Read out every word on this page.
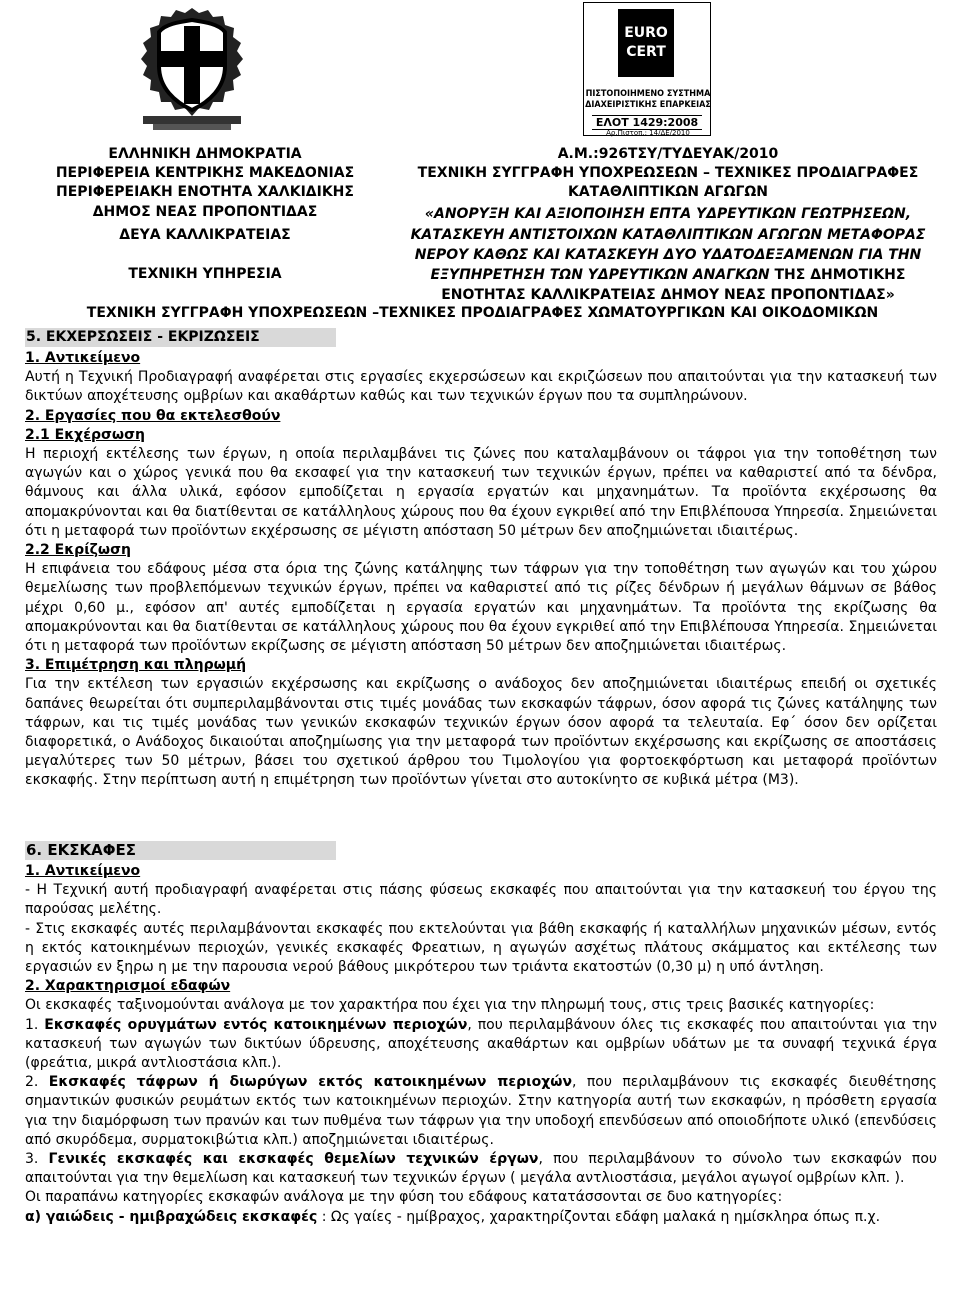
EURO
CERT
ΠΙΣΤΟΠΟΙΗΜΕΝΟ ΣΥΣΤΗΜΑ
ΔΙΑΧΕΙΡΙΣΤΙΚΗΣ ΕΠΑΡΚΕΙΑΣ
ΕΛΟΤ 1429:2008
Αρ.Πιστοπ.: 14/ΔΕ/2010
ΕΛΛΗΝΙΚΗ ΔΗΜΟΚΡΑΤΙΑ
ΠΕΡΙΦΕΡΕΙΑ ΚΕΝΤΡΙΚΗΣ ΜΑΚΕΔΟΝΙΑΣ
ΠΕΡΙΦΕΡΕΙΑΚΗ ΕΝΟΤΗΤΑ ΧΑΛΚΙΔΙΚΗΣ
ΔΗΜΟΣ ΝΕΑΣ ΠΡΟΠΟΝΤΙΔΑΣ
ΔΕΥΑ ΚΑΛΛΙΚΡΑΤΕΙΑΣ
ΤΕΧΝΙΚΗ ΥΠΗΡΕΣΙΑ
Α.Μ.:926ΤΣΥ/ΤΥΔΕΥΑΚ/2010
ΤΕΧΝΙΚΗ ΣΥΓΓΡΑΦΗ ΥΠΟΧΡΕΩΣΕΩΝ – ΤΕΧΝΙΚΕΣ ΠΡΟΔΙΑΓΡΑΦΕΣ
ΚΑΤΑΘΛΙΠΤΙΚΩΝ ΑΓΩΓΩΝ
«ΑΝΟΡΥΞΗ ΚΑΙ ΑΞΙΟΠΟΙΗΣΗ ΕΠΤΑ ΥΔΡΕΥΤΙΚΩΝ ΓΕΩΤΡΗΣΕΩΝ,
ΚΑΤΑΣΚΕΥΗ ΑΝΤΙΣΤΟΙΧΩΝ ΚΑΤΑΘΛΙΠΤΙΚΩΝ ΑΓΩΓΩΝ ΜΕΤΑΦΟΡΑΣ
ΝΕΡΟΥ ΚΑΘΩΣ ΚΑΙ ΚΑΤΑΣΚΕΥΗ ΔΥΟ ΥΔΑΤΟΔΕΞΑΜΕΝΩΝ ΓΙΑ ΤΗΝ
ΕΞΥΠΗΡΕΤΗΣΗ ΤΩΝ ΥΔΡΕΥΤΙΚΩΝ ΑΝΑΓΚΩΝ ΤΗΣ ΔΗΜΟΤΙΚΗΣ
ΕΝΟΤΗΤΑΣ ΚΑΛΛΙΚΡΑΤΕΙΑΣ ΔΗΜΟΥ ΝΕΑΣ ΠΡΟΠΟΝΤΙΔΑΣ»
ΤΕΧΝΙΚΗ ΣΥΓΓΡΑΦΗ ΥΠΟΧΡΕΩΣΕΩΝ –ΤΕΧΝΙΚΕΣ ΠΡΟΔΙΑΓΡΑΦΕΣ ΧΩΜΑΤΟΥΡΓΙΚΩΝ ΚΑΙ ΟΙΚΟΔΟΜΙΚΩΝ
5. ΕΚΧΕΡΣΩΣΕΙΣ - ΕΚΡΙΖΩΣΕΙΣ

1. Αντικείμενο

Αυτή η Τεχνική Προδιαγραφή αναφέρεται στις εργασίες εκχερσώσεων και εκριζώσεων που απαιτούνται για την κατασκευή των δικτύων αποχέτευσης ομβρίων και ακαθάρτων καθώς και των τεχνικών έργων που τα συμπληρώνουν.

2. Εργασίες που θα εκτελεσθούν

2.1 Εκχέρσωση

Η περιοχή εκτέλεσης των έργων, η οποία περιλαμβάνει τις ζώνες που καταλαμβάνουν οι τάφροι για την τοποθέτηση των αγωγών και ο χώρος γενικά που θα εκσαφεί για την κατασκευή των τεχνικών έργων, πρέπει να καθαριστεί από τα δένδρα, θάμνους και άλλα υλικά, εφόσον εμποδίζεται η εργασία εργατών και μηχανημάτων. Τα προϊόντα εκχέρσωσης θα απομακρύνονται και θα διατίθενται σε κατάλληλους χώρους που θα έχουν εγκριθεί από την Επιβλέπουσα Υπηρεσία. Σημειώνεται ότι η μεταφορά των προϊόντων εκχέρσωσης σε μέγιστη απόσταση 50 μέτρων δεν αποζημιώνεται ιδιαιτέρως.

2.2 Εκρίζωση

Η επιφάνεια του εδάφους μέσα στα όρια της ζώνης κατάληψης των τάφρων για την τοποθέτηση των αγωγών και του χώρου θεμελίωσης των προβλεπόμενων τεχνικών έργων, πρέπει να καθαριστεί από τις ρίζες δένδρων ή μεγάλων θάμνων σε βάθος μέχρι 0,60 μ., εφόσον απ' αυτές εμποδίζεται η εργασία εργατών και μηχανημάτων. Τα προϊόντα της εκρίζωσης θα απομακρύνονται και θα διατίθενται σε κατάλληλους χώρους που θα έχουν εγκριθεί από την Επιβλέπουσα Υπηρεσία. Σημειώνεται ότι η μεταφορά των προϊόντων εκρίζωσης σε μέγιστη απόσταση 50 μέτρων δεν αποζημιώνεται ιδιαιτέρως.

3. Επιμέτρηση και πληρωμή

Για την εκτέλεση των εργασιών εκχέρσωσης και εκρίζωσης ο ανάδοχος δεν αποζημιώνεται ιδιαιτέρως επειδή οι σχετικές δαπάνες θεωρείται ότι συμπεριλαμβάνονται στις τιμές μονάδας των εκσκαφών τάφρων, όσον αφορά τις ζώνες κατάληψης των τάφρων, και τις τιμές μονάδας των γενικών εκσκαφών τεχνικών έργων όσον αφορά τα τελευταία. Εφ΄ όσον δεν ορίζεται διαφορετικά, ο Ανάδοχος δικαιούται αποζημίωσης για την μεταφορά των προϊόντων εκχέρσωσης και εκρίζωσης σε αποστάσεις μεγαλύτερες των 50 μέτρων, βάσει του σχετικού άρθρου του Τιμολογίου για φορτοεκφόρτωση και μεταφορά προϊόντων εκσκαφής. Στην περίπτωση αυτή η επιμέτρηση των προϊόντων γίνεται στο αυτοκίνητο σε κυβικά μέτρα (Μ3).

6. ΕΚΣΚΑΦΕΣ

1. Αντικείμενο

- Η Τεχνική αυτή προδιαγραφή αναφέρεται στις πάσης φύσεως εκσκαφές που απαιτούνται για την κατασκευή του έργου της παρούσας μελέτης.

- Στις εκσκαφές αυτές περιλαμβάνονται εκσκαφές που εκτελούνται για βάθη εκσκαφής ή καταλλήλων μηχανικών μέσων, εντός η εκτός κατοικημένων περιοχών, γενικές εκσκαφές Φρεατιων, η αγωγών ασχέτως πλάτους σκάμματος και εκτέλεσης των εργασιών εν ξηρω η με την παρουσια νερού βάθους μικρότερου των τριάντα εκατοστών (0,30 μ) η υπό άντληση.

2. Χαρακτηρισμοί εδαφών

Οι εκσκαφές ταξινομούνται ανάλογα με τον χαρακτήρα που έχει για την πληρωμή τους, στις τρεις βασικές κατηγορίες:

1. Εκσκαφές ορυγμάτων εντός κατοικημένων περιοχών, που περιλαμβάνουν όλες τις εκσκαφές που απαιτούνται για την κατασκευή των αγωγών των δικτύων ύδρευσης, αποχέτευσης ακαθάρτων και ομβρίων υδάτων με τα συναφή τεχνικά έργα (φρεάτια, μικρά αντλιοστάσια κλπ.).

2. Εκσκαφές τάφρων ή διωρύγων εκτός κατοικημένων περιοχών, που περιλαμβάνουν τις εκσκαφές διευθέτησης σημαντικών φυσικών ρευμάτων εκτός των κατοικημένων περιοχών. Στην κατηγορία αυτή των εκσκαφών, η πρόσθετη εργασία για την διαμόρφωση των πρανών και των πυθμένα των τάφρων για την υποδοχή επενδύσεων από οποιοδήποτε υλικό (επενδύσεις από σκυρόδεμα, συρματοκιβώτια κλπ.) αποζημιώνεται ιδιαιτέρως.

3. Γενικές εκσκαφές και εκσκαφές θεμελίων τεχνικών έργων, που περιλαμβάνουν το σύνολο των εκσκαφών που απαιτούνται για την θεμελίωση και κατασκευή των τεχνικών έργων ( μεγάλα αντλιοστάσια, μεγάλοι αγωγοί ομβρίων κλπ. ).

Οι παραπάνω κατηγορίες εκσκαφών ανάλογα με την φύση του εδάφους κατατάσσονται σε δυο κατηγορίες:

α) γαιώδεις - ημιβραχώδεις εκσκαφές : Ως γαίες - ημίβραχος, χαρακτηρίζονται εδάφη μαλακά η ημίσκληρα όπως π.χ.
